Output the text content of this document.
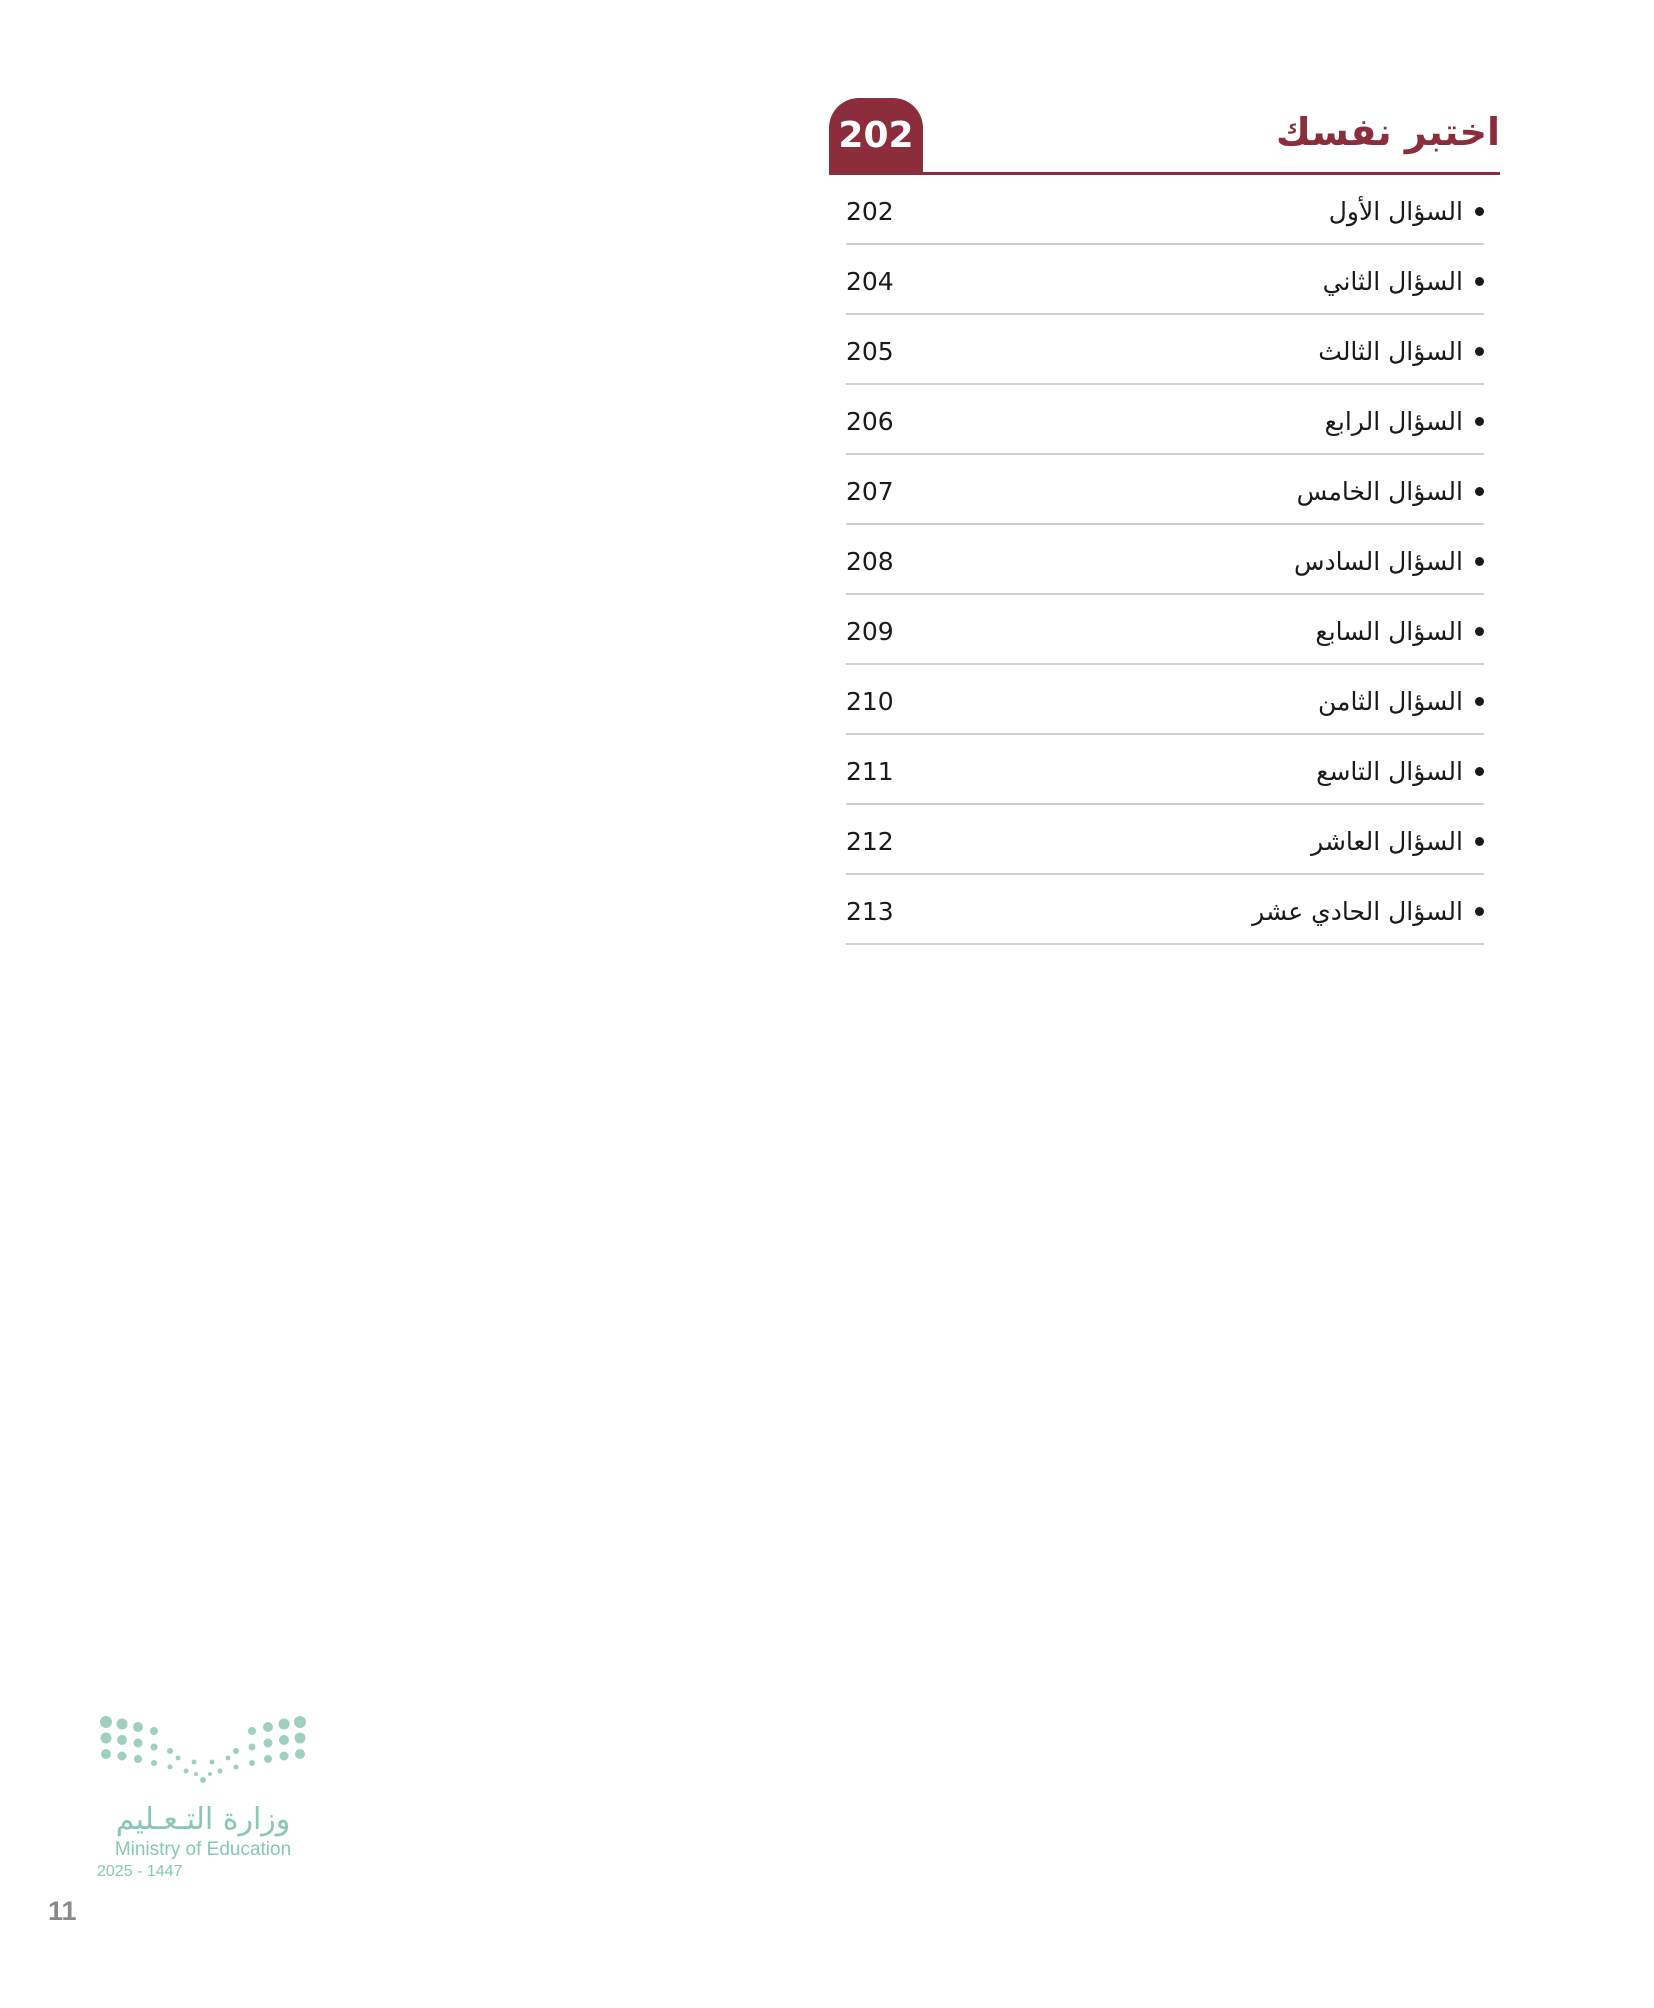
202	اختبر نفسك
السؤال الأول
202
السؤال الثاني
204
السؤال الثالث
205
السؤال الرابع
206
السؤال الخامس
207
السؤال السادس
208
السؤال السابع
209
السؤال الثامن
210
السؤال التاسع
211
السؤال العاشر
212
السؤال الحادي عشر
213
وزارة التـعـليم
Ministry of Education
2025 - 1447
11
